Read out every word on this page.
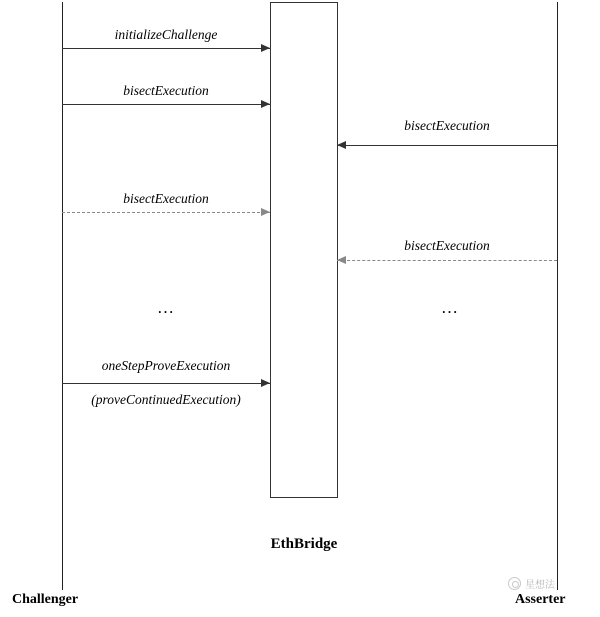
initializeChallenge
bisectExecution
bisectExecution
bisectExecution
bisectExecution
…	…
oneStepProveExecution
(proveContinuedExecution)
EthBridge
Challenger	Asserter
星想法
